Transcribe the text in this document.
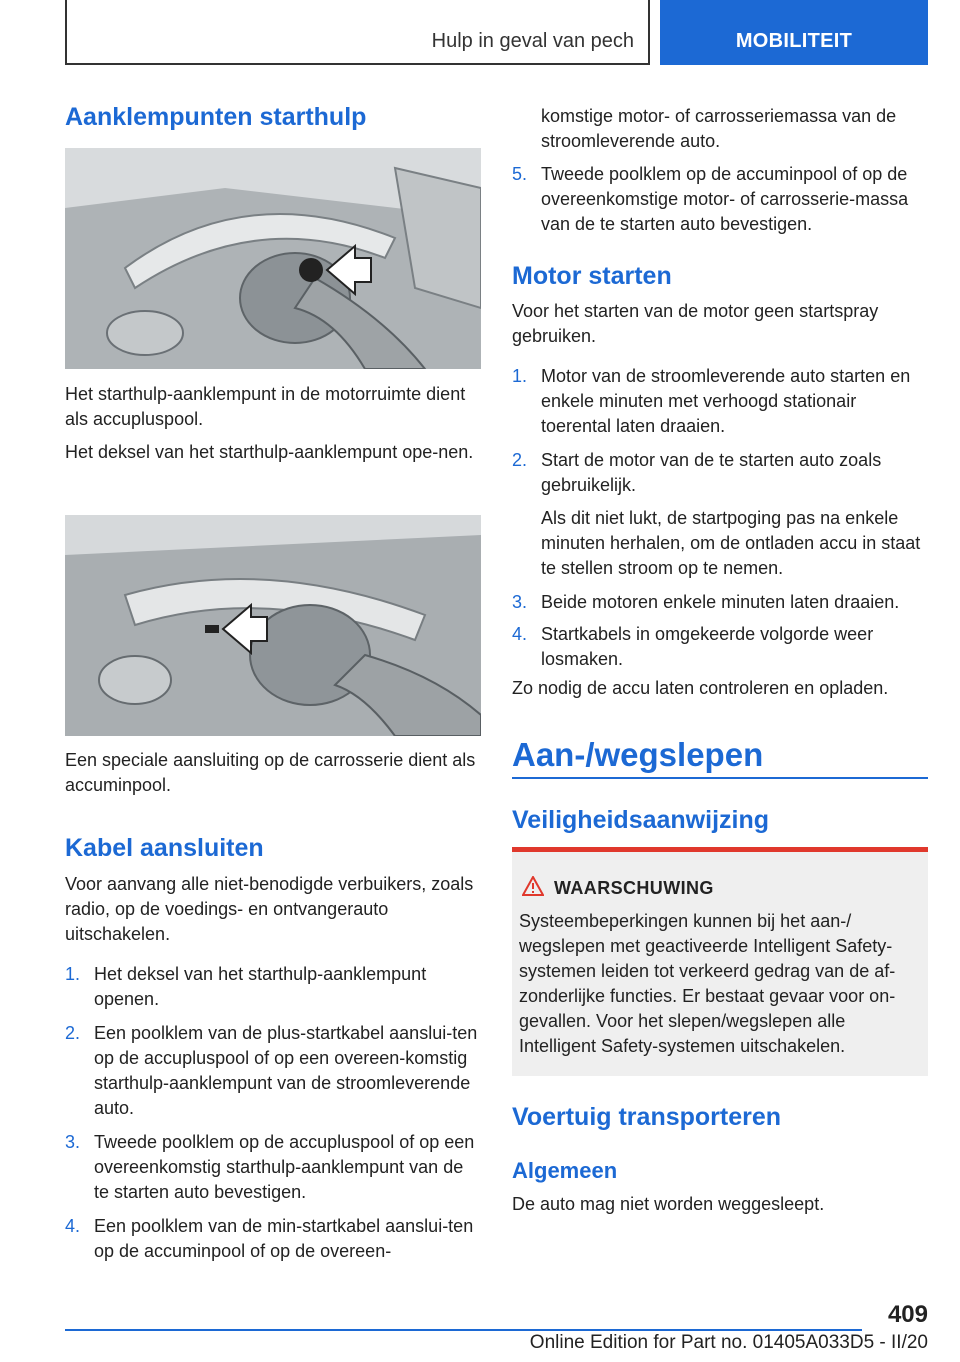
Hulp in geval van pech	MOBILITEIT
Aanklempunten starthulp

Het starthulp-aanklempunt in de motorruimte dient als accupluspool.

Het deksel van het starthulp-aanklempunt ope-nen.

Een speciale aansluiting op de carrosserie dient als accuminpool.

Kabel aansluiten

Voor aanvang alle niet-benodigde verbuikers, zoals radio, op de voedings- en ontvangerauto uitschakelen.

1. Het deksel van het starthulp-aanklempunt openen.
2. Een poolklem van de plus-startkabel aanslui-ten op de accupluspool of op een overeen-komstig starthulp-aanklempunt van de stroomleverende auto.
3. Tweede poolklem op de accupluspool of op een overeenkomstig starthulp-aanklempunt van de te starten auto bevestigen.
4. Een poolklem van de min-startkabel aanslui-ten op de accuminpool of op de overeen-

komstige motor- of carrosseriemassa van de stroomleverende auto.

5. Tweede poolklem op de accuminpool of op de overeenkomstige motor- of carrosserie-massa van de te starten auto bevestigen.
Motor starten

Voor het starten van de motor geen startspray gebruiken.

1. Motor van de stroomleverende auto starten en enkele minuten met verhoogd stationair toerental laten draaien.
2. Start de motor van de te starten auto zoals gebruikelijk.

Als dit niet lukt, de startpoging pas na enkele minuten herhalen, om de ontladen accu in staat te stellen stroom op te nemen.
3. Beide motoren enkele minuten laten draaien.
4. Startkabels in omgekeerde volgorde weer losmaken.

Zo nodig de accu laten controleren en opladen.

Aan-/wegslepen
Veiligheidsaanwijzing
WAARSCHUWING

Systeembeperkingen kunnen bij het aan-/ wegslepen met geactiveerde Intelligent Safety-systemen leiden tot verkeerd gedrag van de af-zonderlijke functies. Er bestaat gevaar voor on-gevallen. Voor het slepen/wegslepen alle Intelligent Safety-systemen uitschakelen.

Voertuig transporteren
Algemeen

De auto mag niet worden weggesleept.

409
Online Edition for Part no. 01405A033D5 - II/20
